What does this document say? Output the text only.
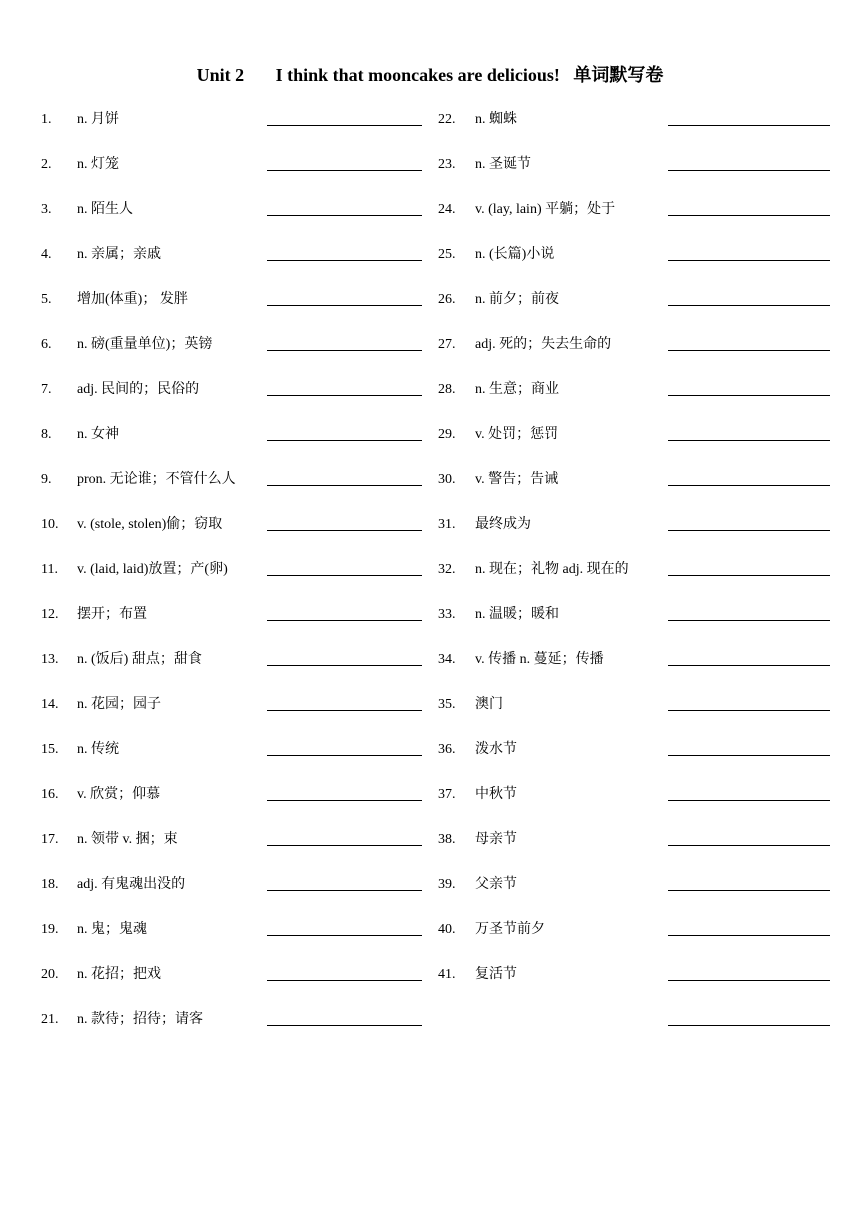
Unit 2       I think that mooncakes are delicious!   单词默写卷
1. n. 月饼
2. n. 灯笼
3. n. 陌生人
4. n. 亲属；亲戚
5. 增加(体重)； 发胖
6. n. 磅(重量单位)；英镑
7. adj. 民间的；民俗的
8. n. 女神
9. pron. 无论谁；不管什么人
10. v. (stole, stolen)偷；窃取
11. v. (laid, laid)放置；产(卵)
12. 摆开；布置
13. n. (饭后) 甜点；甜食
14. n. 花园；园子
15. n. 传统
16. v. 欣赏；仰慕
17. n. 领带 v. 捆；束
18. adj. 有鬼魂出没的
19. n. 鬼；鬼魂
20. n. 花招；把戏
21. n. 款待；招待；请客
22. n. 蜘蛛
23. n. 圣诞节
24. v. (lay, lain) 平躺；处于
25. n. (长篇)小说
26. n. 前夕；前夜
27. adj. 死的；失去生命的
28. n. 生意；商业
29. v. 处罚；惩罚
30. v. 警告；告诫
31. 最终成为
32. n. 现在；礼物 adj. 现在的
33. n. 温暖；暖和
34. v. 传播 n. 蔓延；传播
35. 澳门
36. 泼水节
37. 中秋节
38. 母亲节
39. 父亲节
40. 万圣节前夕
41. 复活节
